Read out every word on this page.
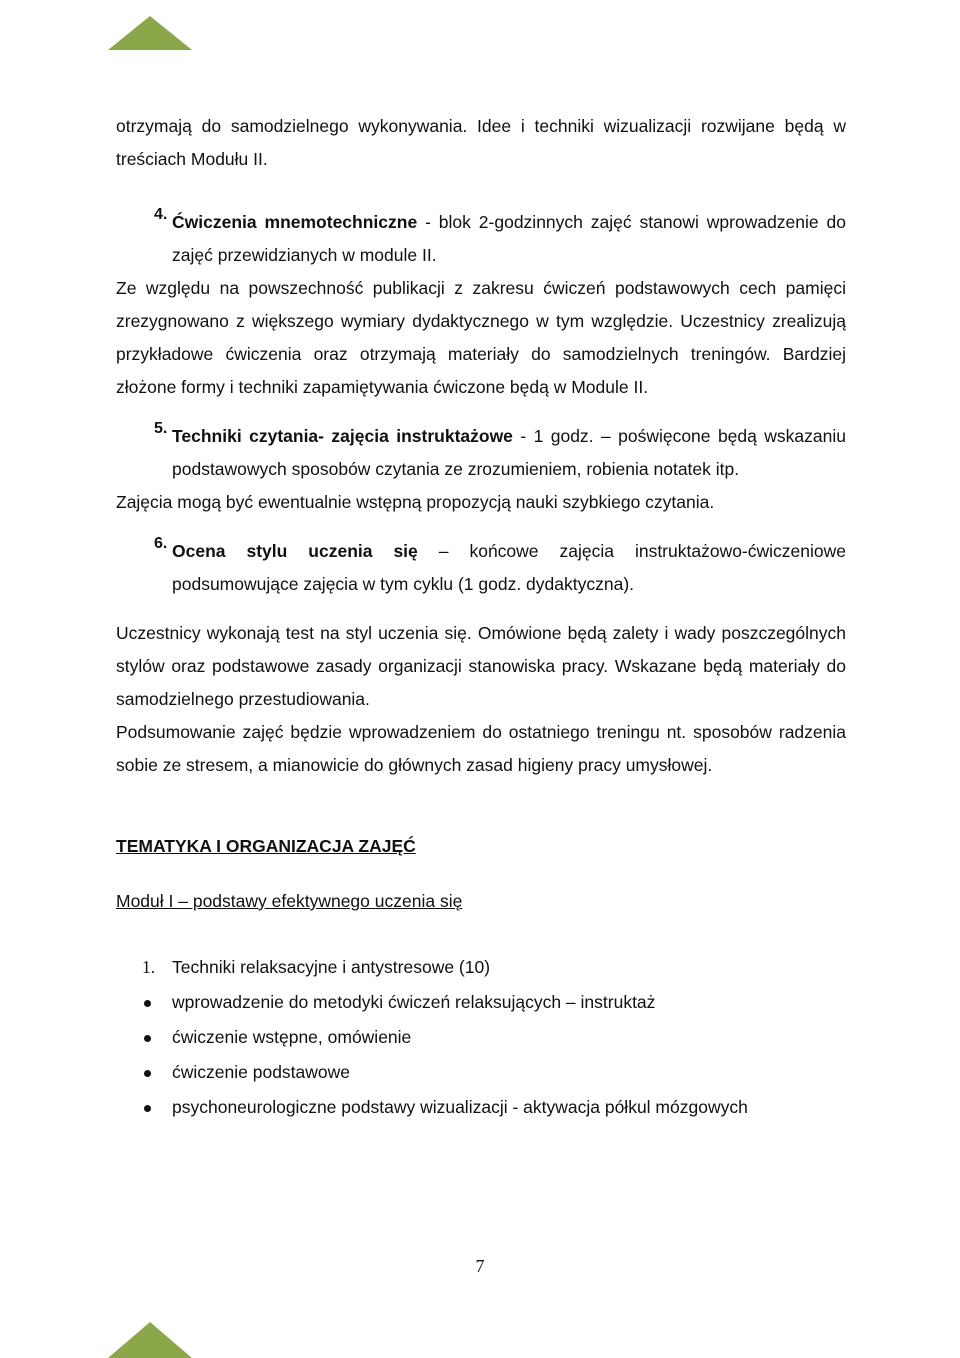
otrzymają do samodzielnego wykonywania. Idee i techniki wizualizacji rozwijane będą w treściach Modułu II.

4. Ćwiczenia mnemotechniczne - blok 2-godzinnych zajęć stanowi wprowadzenie do zajęć przewidzianych w module II.

Ze względu na powszechność publikacji z zakresu ćwiczeń podstawowych cech pamięci zrezygnowano z większego wymiary dydaktycznego w tym względzie. Uczestnicy zrealizują przykładowe ćwiczenia oraz otrzymają materiały do samodzielnych treningów. Bardziej złożone formy i techniki zapamiętywania ćwiczone będą w Module II.

5. Techniki czytania- zajęcia instruktażowe - 1 godz. – poświęcone będą wskazaniu podstawowych sposobów czytania ze zrozumieniem, robienia notatek itp.

Zajęcia mogą być ewentualnie wstępną propozycją nauki szybkiego czytania.

6. Ocena stylu uczenia się – końcowe zajęcia instruktażowo-ćwiczeniowe podsumowujące zajęcia w tym cyklu (1 godz. dydaktyczna).

Uczestnicy wykonają test na styl uczenia się. Omówione będą zalety i wady poszczególnych stylów oraz podstawowe zasady organizacji stanowiska pracy. Wskazane będą materiały do samodzielnego przestudiowania.

Podsumowanie zajęć będzie wprowadzeniem do ostatniego treningu nt. sposobów radzenia sobie ze stresem, a mianowicie do głównych zasad higieny pracy umysłowej.

TEMATYKA I ORGANIZACJA ZAJĘĆ
Moduł I – podstawy efektywnego uczenia się
1. Techniki relaksacyjne i antystresowe (10)
wprowadzenie do metodyki ćwiczeń relaksujących – instruktaż
ćwiczenie wstępne, omówienie
ćwiczenie podstawowe
psychoneurologiczne podstawy wizualizacji - aktywacja półkul mózgowych
7
